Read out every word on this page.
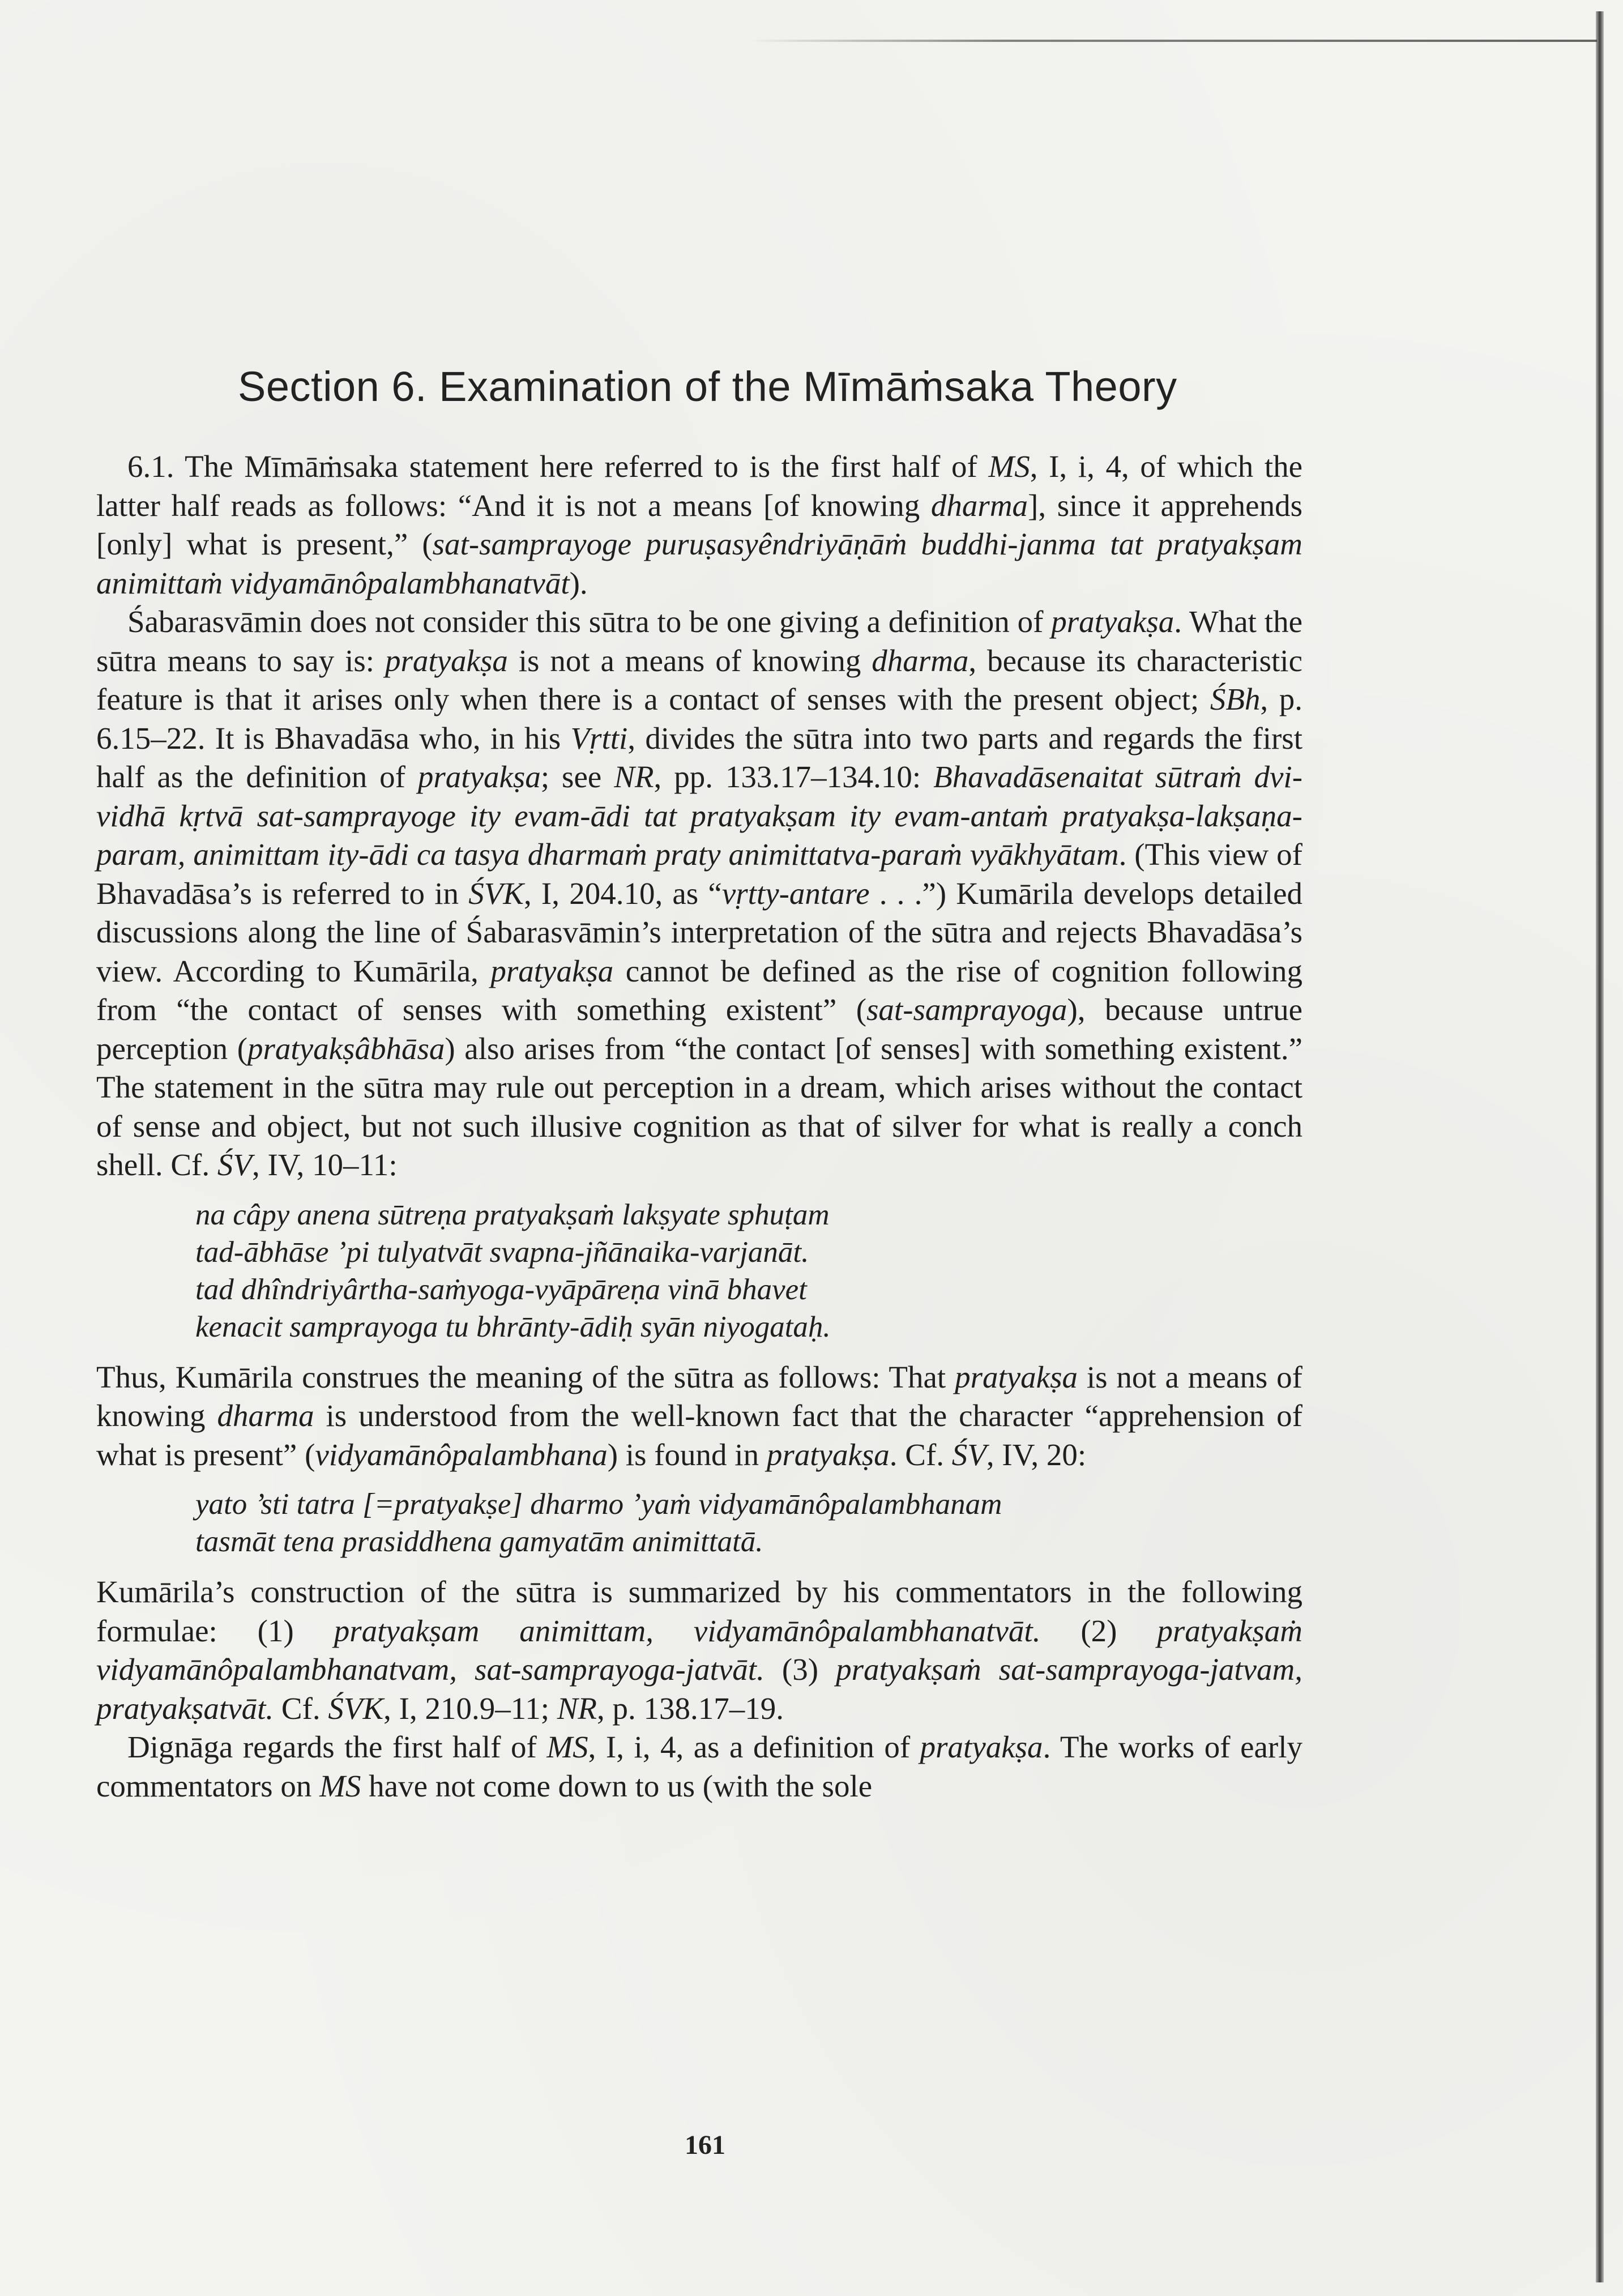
Section 6. Examination of the Mīmāṁsaka Theory

6.1. The Mīmāṁsaka statement here referred to is the first half of MS, I, i, 4, of which the latter half reads as follows: “And it is not a means [of knowing dharma], since it apprehends [only] what is present,” (sat-samprayoge puruṣasyêndriyāṇāṁ buddhi-janma tat pratyakṣam animittaṁ vidyamānôpalambhanatvāt).

Śabarasvāmin does not consider this sūtra to be one giving a definition of pratyakṣa. What the sūtra means to say is: pratyakṣa is not a means of knowing dharma, because its characteristic feature is that it arises only when there is a contact of senses with the present object; ŚBh, p. 6.15–22. It is Bhavadāsa who, in his Vṛtti, divides the sūtra into two parts and regards the first half as the definition of pratyakṣa; see NR, pp. 133.17–134.10: Bhavadāsenaitat sūtraṁ dvi-vidhā kṛtvā sat-samprayoge ity evam-ādi tat pratyakṣam ity evam-antaṁ pratyakṣa-lakṣaṇa-param, animittam ity-ādi ca tasya dharmaṁ praty animittatva-paraṁ vyākhyātam. (This view of Bhavadāsa’s is referred to in ŚVK, I, 204.10, as “vṛtty-antare . . .”) Kumārila develops detailed discussions along the line of Śabarasvāmin’s interpretation of the sūtra and rejects Bhavadāsa’s view. According to Kumārila, pratyakṣa cannot be defined as the rise of cognition following from “the contact of senses with something existent” (sat-samprayoga), because untrue perception (pratyakṣâbhāsa) also arises from “the contact [of senses] with something existent.” The statement in the sūtra may rule out perception in a dream, which arises without the contact of sense and object, but not such illusive cognition as that of silver for what is really a conch shell. Cf. ŚV, IV, 10–11:

na câpy anena sūtreṇa pratyakṣaṁ lakṣyate sphuṭam
tad-ābhāse ’pi tulyatvāt svapna-jñānaika-varjanāt.
tad dhîndriyârtha-saṁyoga-vyāpāreṇa vinā bhavet
kenacit samprayoga tu bhrānty-ādiḥ syān niyogataḥ.

Thus, Kumārila construes the meaning of the sūtra as follows: That pratyakṣa is not a means of knowing dharma is understood from the well-known fact that the character “apprehension of what is present” (vidyamānôpalambhana) is found in pratyakṣa. Cf. ŚV, IV, 20:

yato ’sti tatra [=pratyakṣe] dharmo ’yaṁ vidyamānôpalambhanam
tasmāt tena prasiddhena gamyatām animittatā.

Kumārila’s construction of the sūtra is summarized by his commentators in the following formulae: (1) pratyakṣam animittam, vidyamānôpalambhanatvāt. (2) pratyakṣaṁ vidyamānôpalambhanatvam, sat-samprayoga-jatvāt. (3) pratyakṣaṁ sat-samprayoga-jatvam, pratyakṣatvāt. Cf. ŚVK, I, 210.9–11; NR, p. 138.17–19.

Dignāga regards the first half of MS, I, i, 4, as a definition of pratyakṣa. The works of early commentators on MS have not come down to us (with the sole

161
